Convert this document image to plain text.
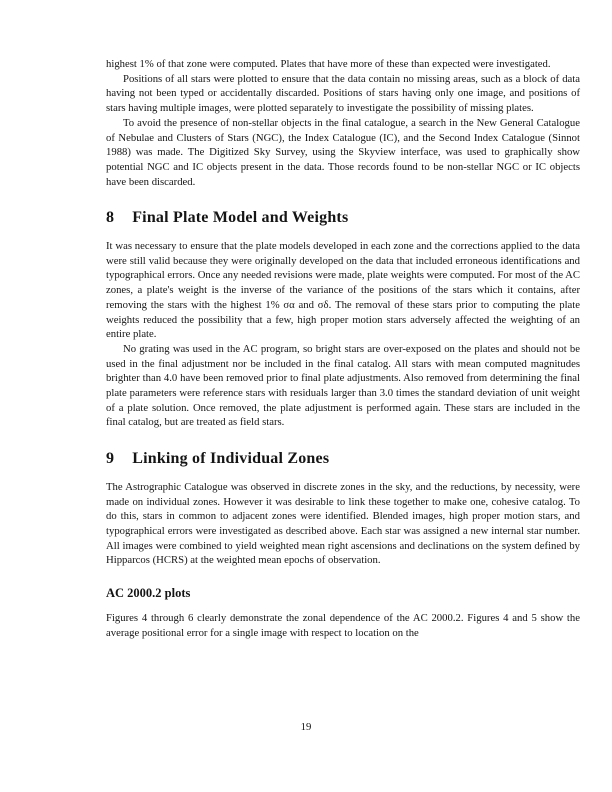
highest 1% of that zone were computed. Plates that have more of these than expected were investigated.

Positions of all stars were plotted to ensure that the data contain no missing areas, such as a block of data having not been typed or accidentally discarded. Positions of stars having only one image, and positions of stars having multiple images, were plotted separately to investigate the possibility of missing plates.

To avoid the presence of non-stellar objects in the final catalogue, a search in the New General Catalogue of Nebulae and Clusters of Stars (NGC), the Index Catalogue (IC), and the Second Index Catalogue (Sinnot 1988) was made. The Digitized Sky Survey, using the Skyview interface, was used to graphically show potential NGC and IC objects present in the data. Those records found to be non-stellar NGC or IC objects have been discarded.

8 Final Plate Model and Weights

It was necessary to ensure that the plate models developed in each zone and the corrections applied to the data were still valid because they were originally developed on the data that included erroneous identifications and typographical errors. Once any needed revisions were made, plate weights were computed. For most of the AC zones, a plate's weight is the inverse of the variance of the positions of the stars which it contains, after removing the stars with the highest 1% σα and σδ. The removal of these stars prior to computing the plate weights reduced the possibility that a few, high proper motion stars adversely affected the weighting of an entire plate.

No grating was used in the AC program, so bright stars are over-exposed on the plates and should not be used in the final adjustment nor be included in the final catalog. All stars with mean computed magnitudes brighter than 4.0 have been removed prior to final plate adjustments. Also removed from determining the final plate parameters were reference stars with residuals larger than 3.0 times the standard deviation of unit weight of a plate solution. Once removed, the plate adjustment is performed again. These stars are included in the final catalog, but are treated as field stars.

9 Linking of Individual Zones

The Astrographic Catalogue was observed in discrete zones in the sky, and the reductions, by necessity, were made on individual zones. However it was desirable to link these together to make one, cohesive catalog. To do this, stars in common to adjacent zones were identified. Blended images, high proper motion stars, and typographical errors were investigated as described above. Each star was assigned a new internal star number. All images were combined to yield weighted mean right ascensions and declinations on the system defined by Hipparcos (HCRS) at the weighted mean epochs of observation.

AC 2000.2 plots

Figures 4 through 6 clearly demonstrate the zonal dependence of the AC 2000.2. Figures 4 and 5 show the average positional error for a single image with respect to location on the

19
